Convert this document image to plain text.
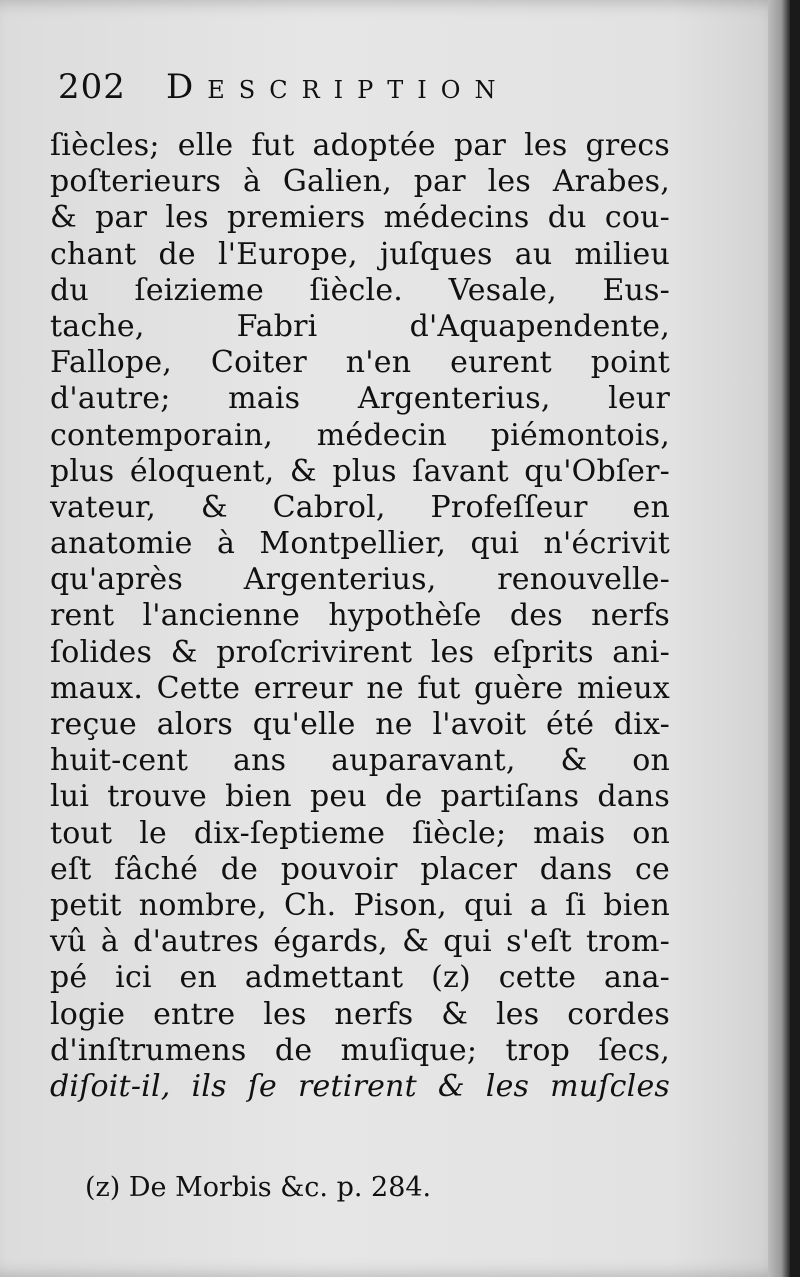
202 Description
ſiècles; elle fut adoptée par les grecs
poſterieurs à Galien, par les Arabes,
& par les premiers médecins du cou-
chant de l'Europe, juſques au milieu
du ſeizieme ſiècle. Vesale, Eus-
tache, Fabri d'Aquapendente,
Fallope, Coiter n'en eurent point
d'autre; mais Argenterius, leur
contemporain, médecin piémontois,
plus éloquent, & plus ſavant qu'Obſer-
vateur, & Cabrol, Profeſſeur en
anatomie à Montpellier, qui n'écrivit
qu'après Argenterius, renouvelle-
rent l'ancienne hypothèſe des nerfs
ſolides & proſcrivirent les eſprits ani-
maux. Cette erreur ne fut guère mieux
reçue alors qu'elle ne l'avoit été dix-
huit-cent ans auparavant, & on
lui trouve bien peu de partiſans dans
tout le dix-ſeptieme ſiècle; mais on
eſt fâché de pouvoir placer dans ce
petit nombre, Ch. Pison, qui a ſi bien
vû à d'autres égards, & qui s'eſt trom-
pé ici en admettant (z) cette ana-
logie entre les nerfs & les cordes
d'inſtrumens de muſique; trop ſecs,
diſoit-il, ils ſe retirent & les muſcles
(z) De Morbis &c. p. 284.
